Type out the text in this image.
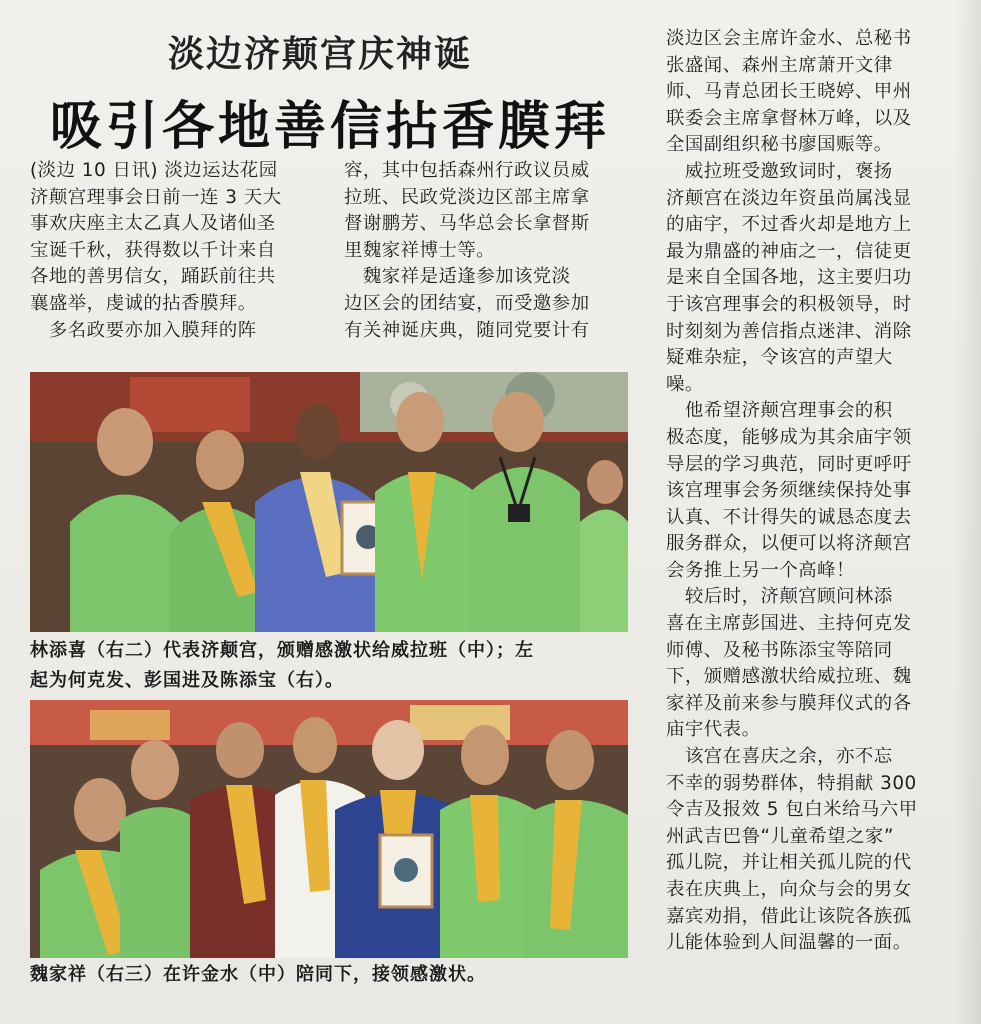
淡边济颠宫庆神诞
吸引各地善信拈香膜拜
(淡边 10 日讯) 淡边运达花园
济颠宫理事会日前一连 3 天大
事欢庆座主太乙真人及诸仙圣
宝诞千秋，获得数以千计来自
各地的善男信女，踊跃前往共
襄盛举，虔诚的拈香膜拜。
　多名政要亦加入膜拜的阵
容，其中包括森州行政议员威
拉班、民政党淡边区部主席拿
督谢鹏芳、马华总会长拿督斯
里魏家祥博士等。
　魏家祥是适逢参加该党淡
边区会的团结宴，而受邀参加
有关神诞庆典，随同党要计有
淡边区会主席许金水、总秘书
张盛闻、森州主席萧开文律
师、马青总团长王晓婷、甲州
联委会主席拿督林万峰，以及
全国副组织秘书廖国赈等。
　威拉班受邀致词时，褒扬
济颠宫在淡边年资虽尚属浅显
的庙宇，不过香火却是地方上
最为鼎盛的神庙之一，信徒更
是来自全国各地，这主要归功
于该宫理事会的积极领导，时
时刻刻为善信指点迷津、消除
疑难杂症，令该宫的声望大
噪。
　他希望济颠宫理事会的积
极态度，能够成为其余庙宇领
导层的学习典范，同时更呼吁
该宫理事会务须继续保持处事
认真、不计得失的诚恳态度去
服务群众，以便可以将济颠宫
会务推上另一个高峰！
　较后时，济颠宫顾问林添
喜在主席彭国进、主持何克发
师傅、及秘书陈添宝等陪同
下，颁赠感激状给威拉班、魏
家祥及前来参与膜拜仪式的各
庙宇代表。
　该宫在喜庆之余，亦不忘
不幸的弱势群体，特捐献 300
令吉及报效 5 包白米给马六甲
州武吉巴鲁“儿童希望之家”
孤儿院，并让相关孤儿院的代
表在庆典上，向众与会的男女
嘉宾劝捐，借此让该院各族孤
儿能体验到人间温馨的一面。
林添喜（右二）代表济颠宫，颁赠感激状给威拉班（中）；左
起为何克发、彭国进及陈添宝（右）。
魏家祥（右三）在许金水（中）陪同下，接领感激状。
